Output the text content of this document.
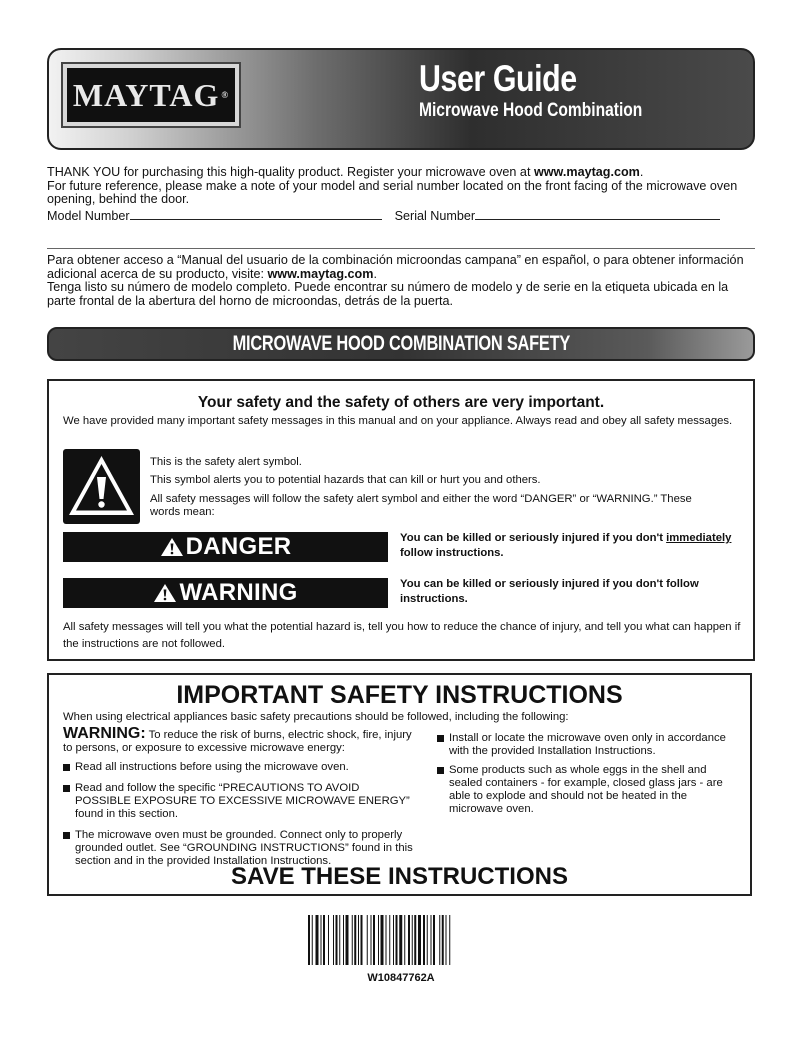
MAYTAG ®	User Guide
Microwave Hood Combination

THANK YOU for purchasing this high-quality product. Register your microwave oven at www.maytag.com.

For future reference, please make a note of your model and serial number located on the front facing of the microwave oven opening, behind the door.

Model Number	Serial Number

Para obtener acceso a “Manual del usuario de la combinación microondas campana” en español, o para obtener información adicional acerca de su producto, visite: www.maytag.com.

Tenga listo su número de modelo completo. Puede encontrar su número de modelo y de serie en la etiqueta ubicada en la parte frontal de la abertura del horno de microondas, detrás de la puerta.

MICROWAVE HOOD COMBINATION SAFETY
Your safety and the safety of others are very important.
We have provided many important safety messages in this manual and on your appliance. Always read and obey all safety messages.
This is the safety alert symbol.
This symbol alerts you to potential hazards that can kill or hurt you and others.
All safety messages will follow the safety alert symbol and either the word “DANGER” or “WARNING.” These words mean:
DANGER	You can be killed or seriously injured if you don't immediately follow instructions.
WARNING	You can be killed or seriously injured if you don't follow instructions.
All safety messages will tell you what the potential hazard is, tell you how to reduce the chance of injury, and tell you what can happen if the instructions are not followed.
IMPORTANT SAFETY INSTRUCTIONS
When using electrical appliances basic safety precautions should be followed, including the following:
WARNING: To reduce the risk of burns, electric shock, fire, injury to persons, or exposure to excessive microwave energy:
Read all instructions before using the microwave oven.
Read and follow the specific “PRECAUTIONS TO AVOID POSSIBLE EXPOSURE TO EXCESSIVE MICROWAVE ENERGY” found in this section.
The microwave oven must be grounded. Connect only to properly grounded outlet. See “GROUNDING INSTRUCTIONS” found in this section and in the provided Installation Instructions.
Install or locate the microwave oven only in accordance with the provided Installation Instructions.
Some products such as whole eggs in the shell and sealed containers - for example, closed glass jars - are able to explode and should not be heated in the microwave oven.
SAVE THESE INSTRUCTIONS
W10847762A
